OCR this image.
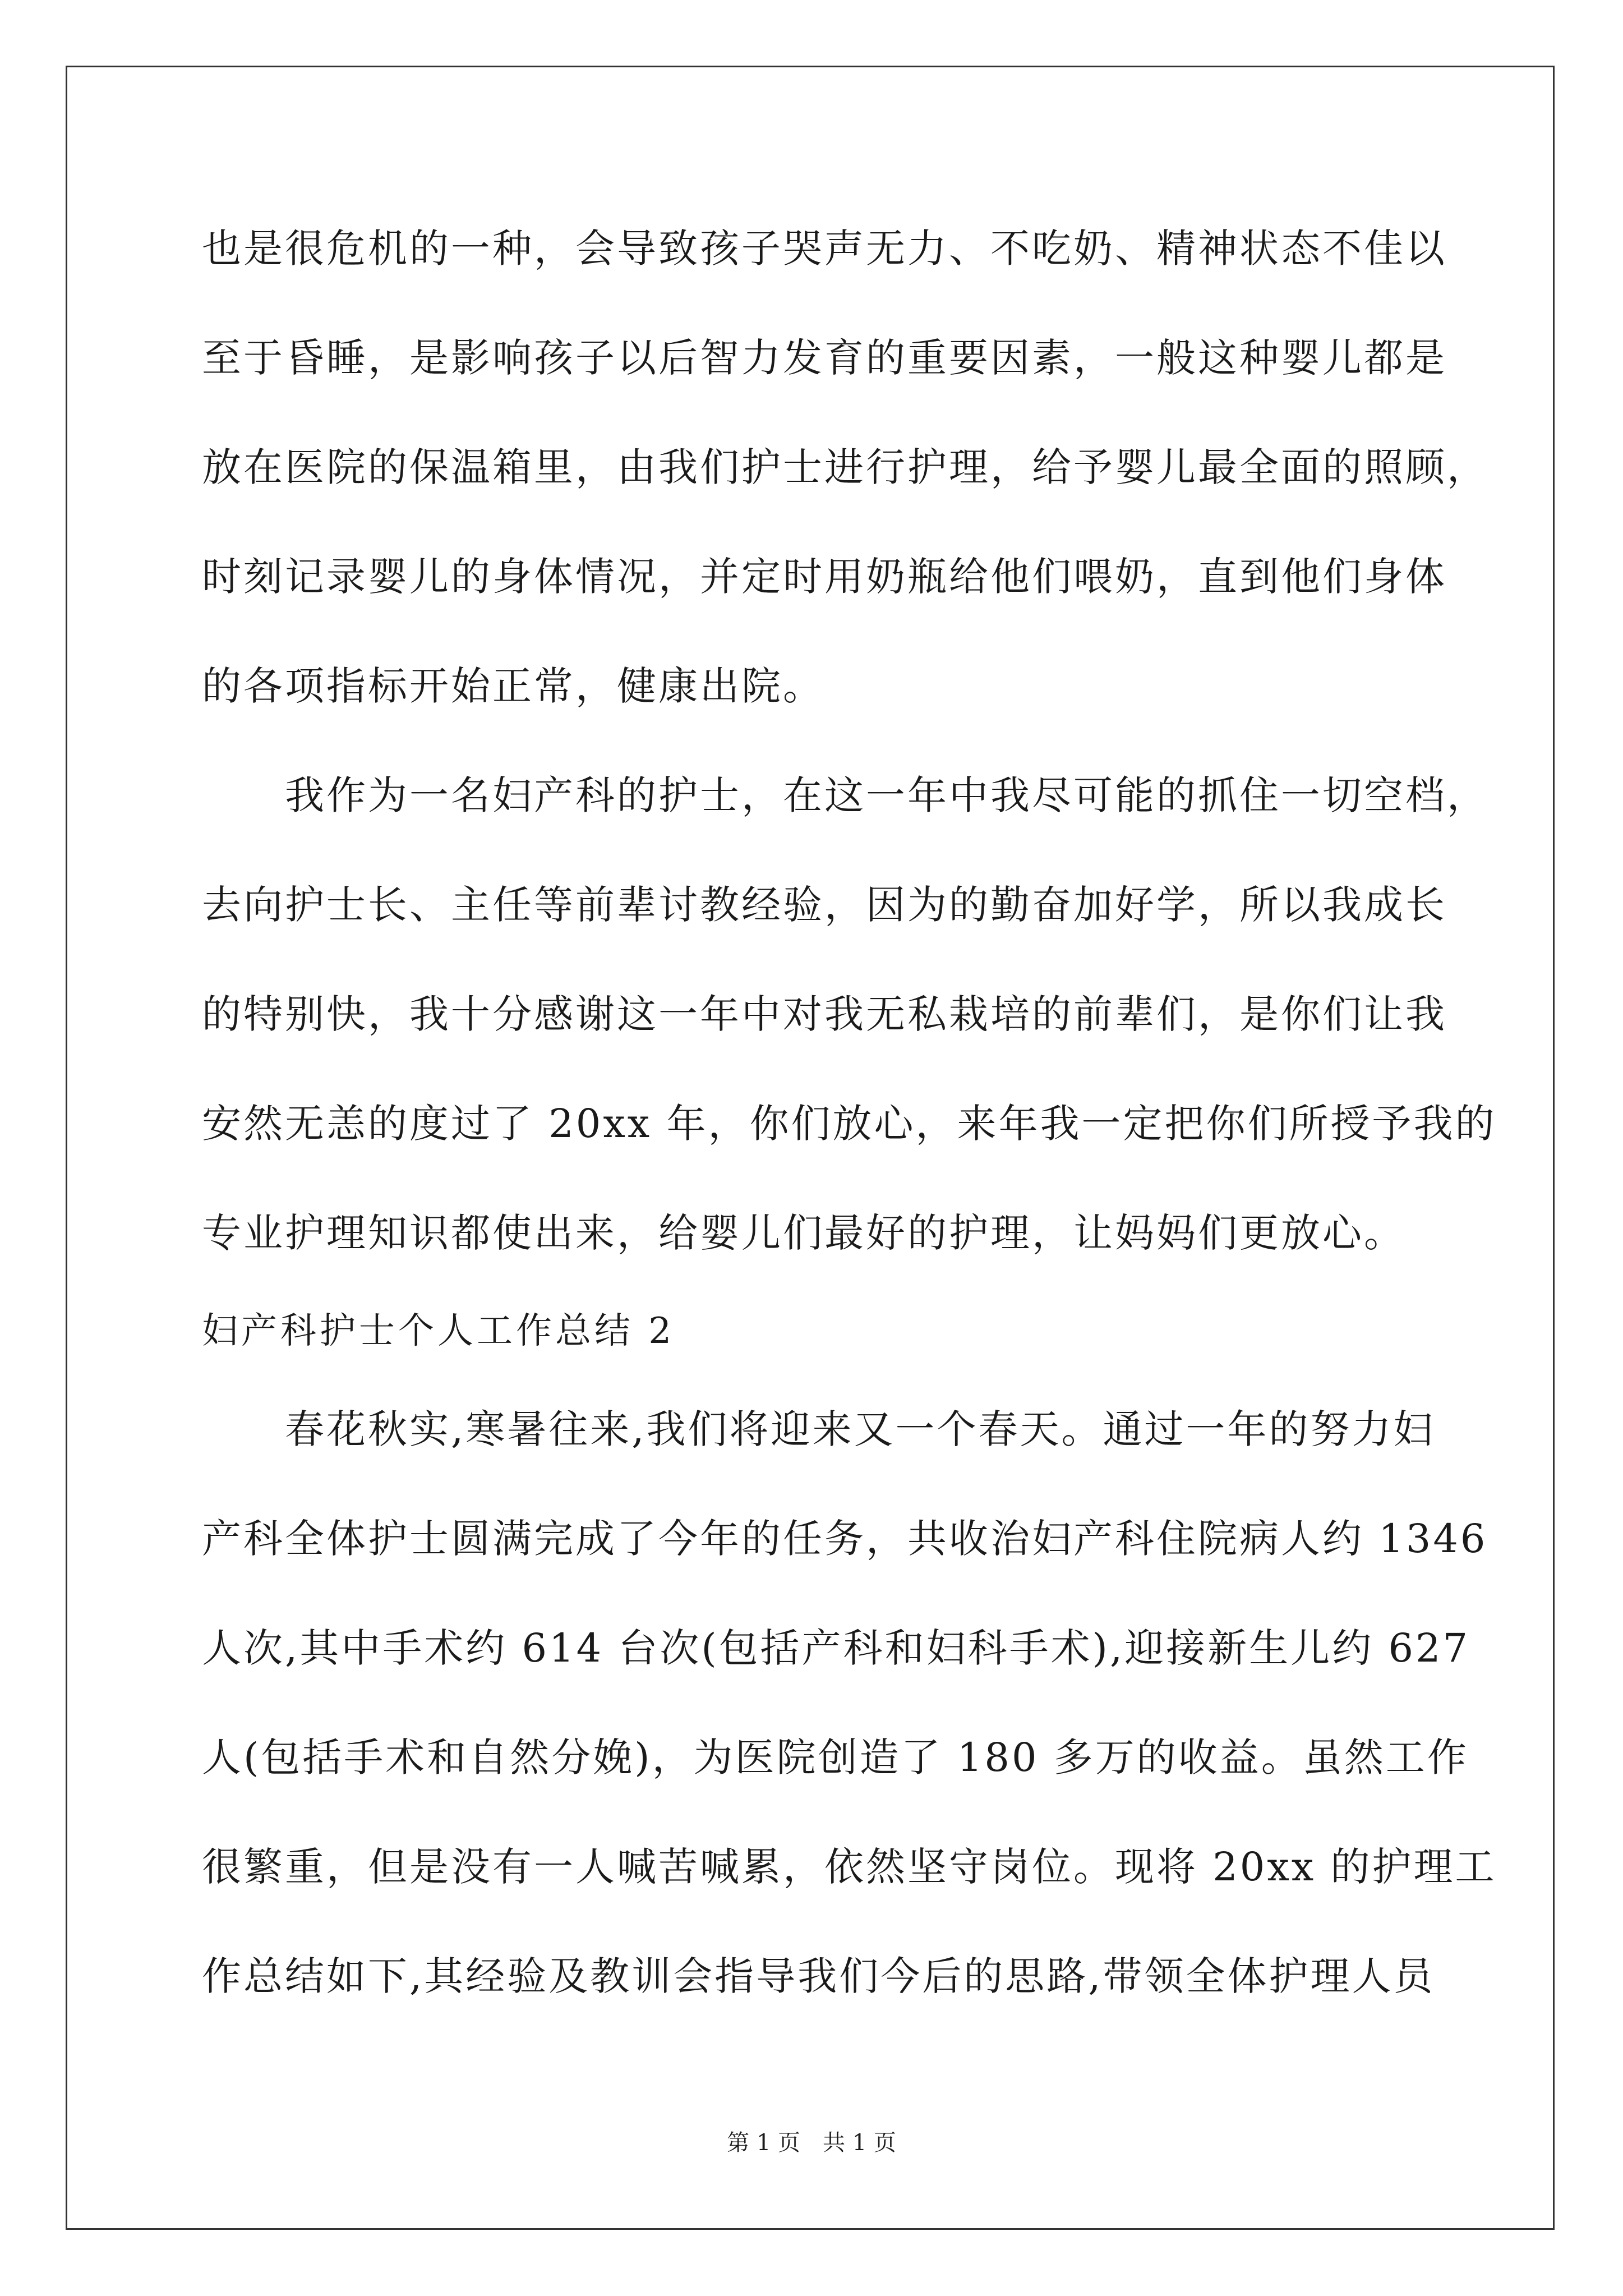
也是很危机的一种，会导致孩子哭声无力、不吃奶、精神状态不佳以
至于昏睡，是影响孩子以后智力发育的重要因素，一般这种婴儿都是
放在医院的保温箱里，由我们护士进行护理，给予婴儿最全面的照顾，
时刻记录婴儿的身体情况，并定时用奶瓶给他们喂奶，直到他们身体
的各项指标开始正常，健康出院。
我作为一名妇产科的护士，在这一年中我尽可能的抓住一切空档，
去向护士长、主任等前辈讨教经验，因为的勤奋加好学，所以我成长
的特别快，我十分感谢这一年中对我无私栽培的前辈们，是你们让我
安然无恙的度过了 20xx 年，你们放心，来年我一定把你们所授予我的
专业护理知识都使出来，给婴儿们最好的护理，让妈妈们更放心。
妇产科护士个人工作总结 2
春花秋实,寒暑往来,我们将迎来又一个春天。通过一年的努力妇
产科全体护士圆满完成了今年的任务，共收治妇产科住院病人约 1346
人次,其中手术约 614 台次(包括产科和妇科手术),迎接新生儿约 627
人(包括手术和自然分娩)，为医院创造了 180 多万的收益。虽然工作
很繁重，但是没有一人喊苦喊累，依然坚守岗位。现将 20xx 的护理工
作总结如下,其经验及教训会指导我们今后的思路,带领全体护理人员
第 1 页 共 1 页
